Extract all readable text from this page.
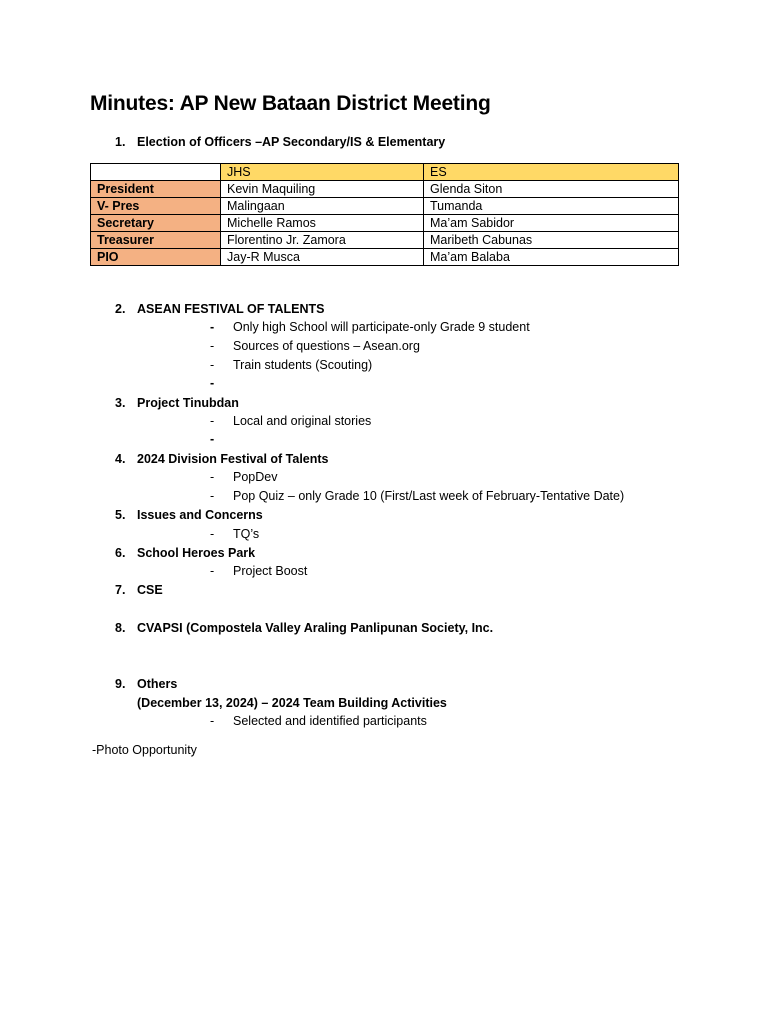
Minutes: AP New Bataan District Meeting
1. Election of Officers –AP Secondary/IS & Elementary
	JHS	ES
President	Kevin Maquiling	Glenda Siton
V- Pres	Malingaan	Tumanda
Secretary	Michelle Ramos	Ma’am Sabidor
Treasurer	Florentino Jr. Zamora	Maribeth Cabunas
PIO	Jay-R Musca	Ma’am Balaba
2. ASEAN FESTIVAL OF TALENTS
- Only high School will participate-only Grade 9 student
- Sources of questions – Asean.org
- Train students (Scouting)
-
3. Project Tinubdan
- Local and original stories
-
4. 2024 Division Festival of Talents
- PopDev
- Pop Quiz – only Grade 10 (First/Last week of February-Tentative Date)
5. Issues and Concerns
- TQ’s
6. School Heroes Park
- Project Boost
7. CSE
8. CVAPSI (Compostela Valley Araling Panlipunan Society, Inc.
9. Others
(December 13, 2024) – 2024 Team Building Activities
- Selected and identified participants
-Photo Opportunity
